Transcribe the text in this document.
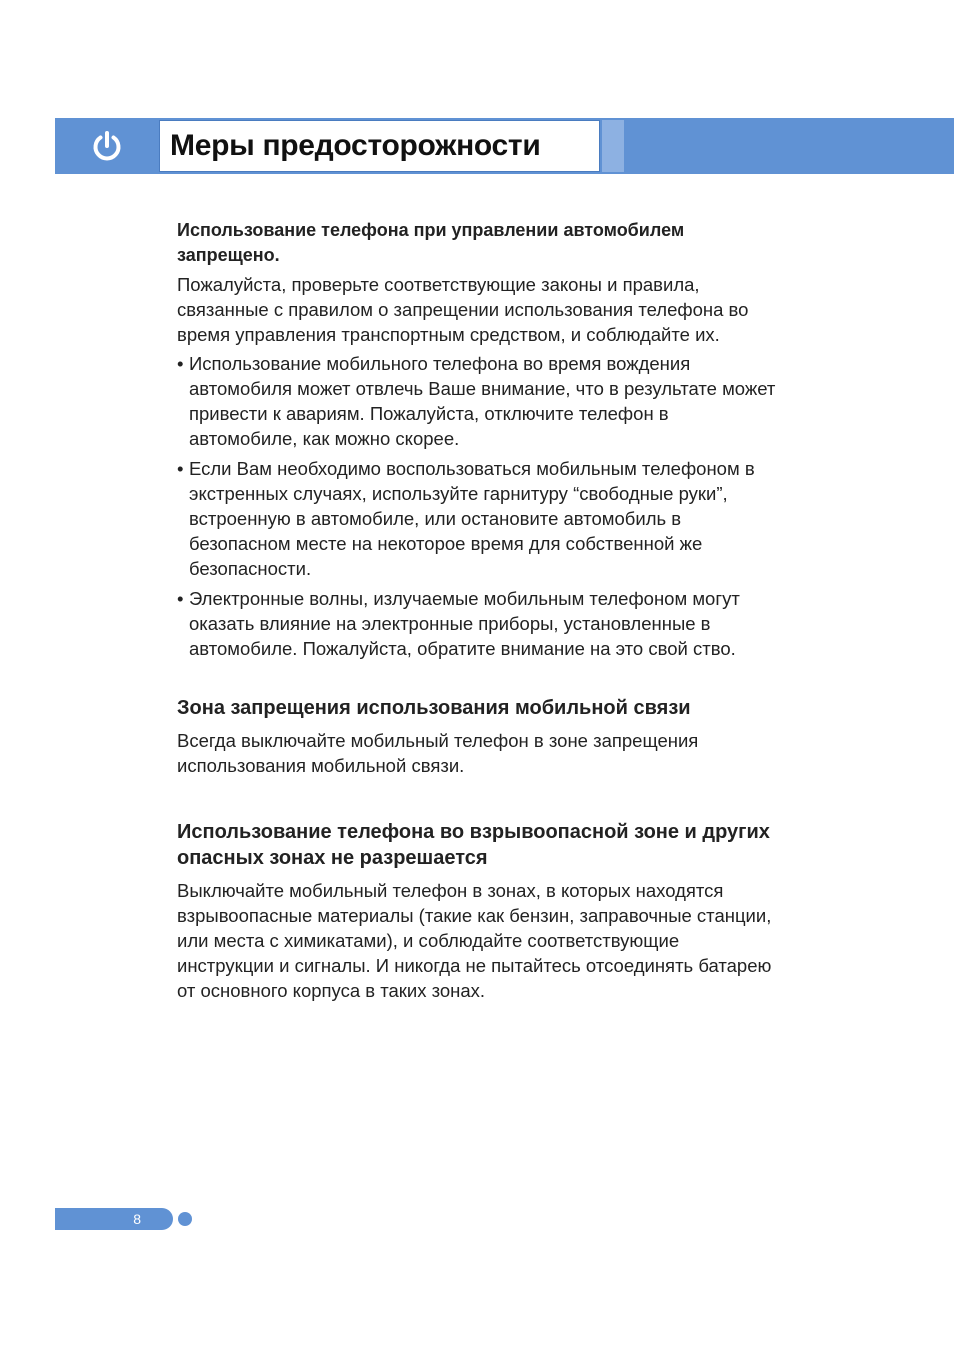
Меры предосторожности
Использование телефона при управлении автомобилем запрещено.

Пожалуйста, проверьте соответствующие законы и правила, связанные с правилом о запрещении использования телефона во время управления транспортным средством, и соблюдайте их.

• Использование мобильного телефона во время вождения автомобиля может отвлечь Ваше внимание, что в результате может привести к авариям. Пожалуйста, отключите телефон в автомобиле, как можно скорее.
• Если Вам необходимо воспользоваться мобильным телефоном в экстренных случаях, используйте гарнитуру “свободные руки”, встроенную в автомобиле, или остановите автомобиль в безопасном месте на некоторое время для собственной же безопасности.
• Электронные волны, излучаемые мобильным телефоном могут оказать влияние на электронные приборы, установленные в автомобиле. Пожалуйста, обратите внимание на это свой ство.
Зона запрещения использования мобильной связи

Всегда выключайте мобильный телефон в зоне запрещения использования мобильной связи.

Использование телефона во взрывоопасной зоне и других опасных зонах не разрешается

Выключайте мобильный телефон в зонах, в которых находятся взрывоопасные материалы (такие как бензин, заправочные станции, или места с химикатами), и соблюдайте соответствующие инструкции и сигналы. И никогда не пытайтесь отсоединять батарею от основного корпуса в таких зонах.

8
